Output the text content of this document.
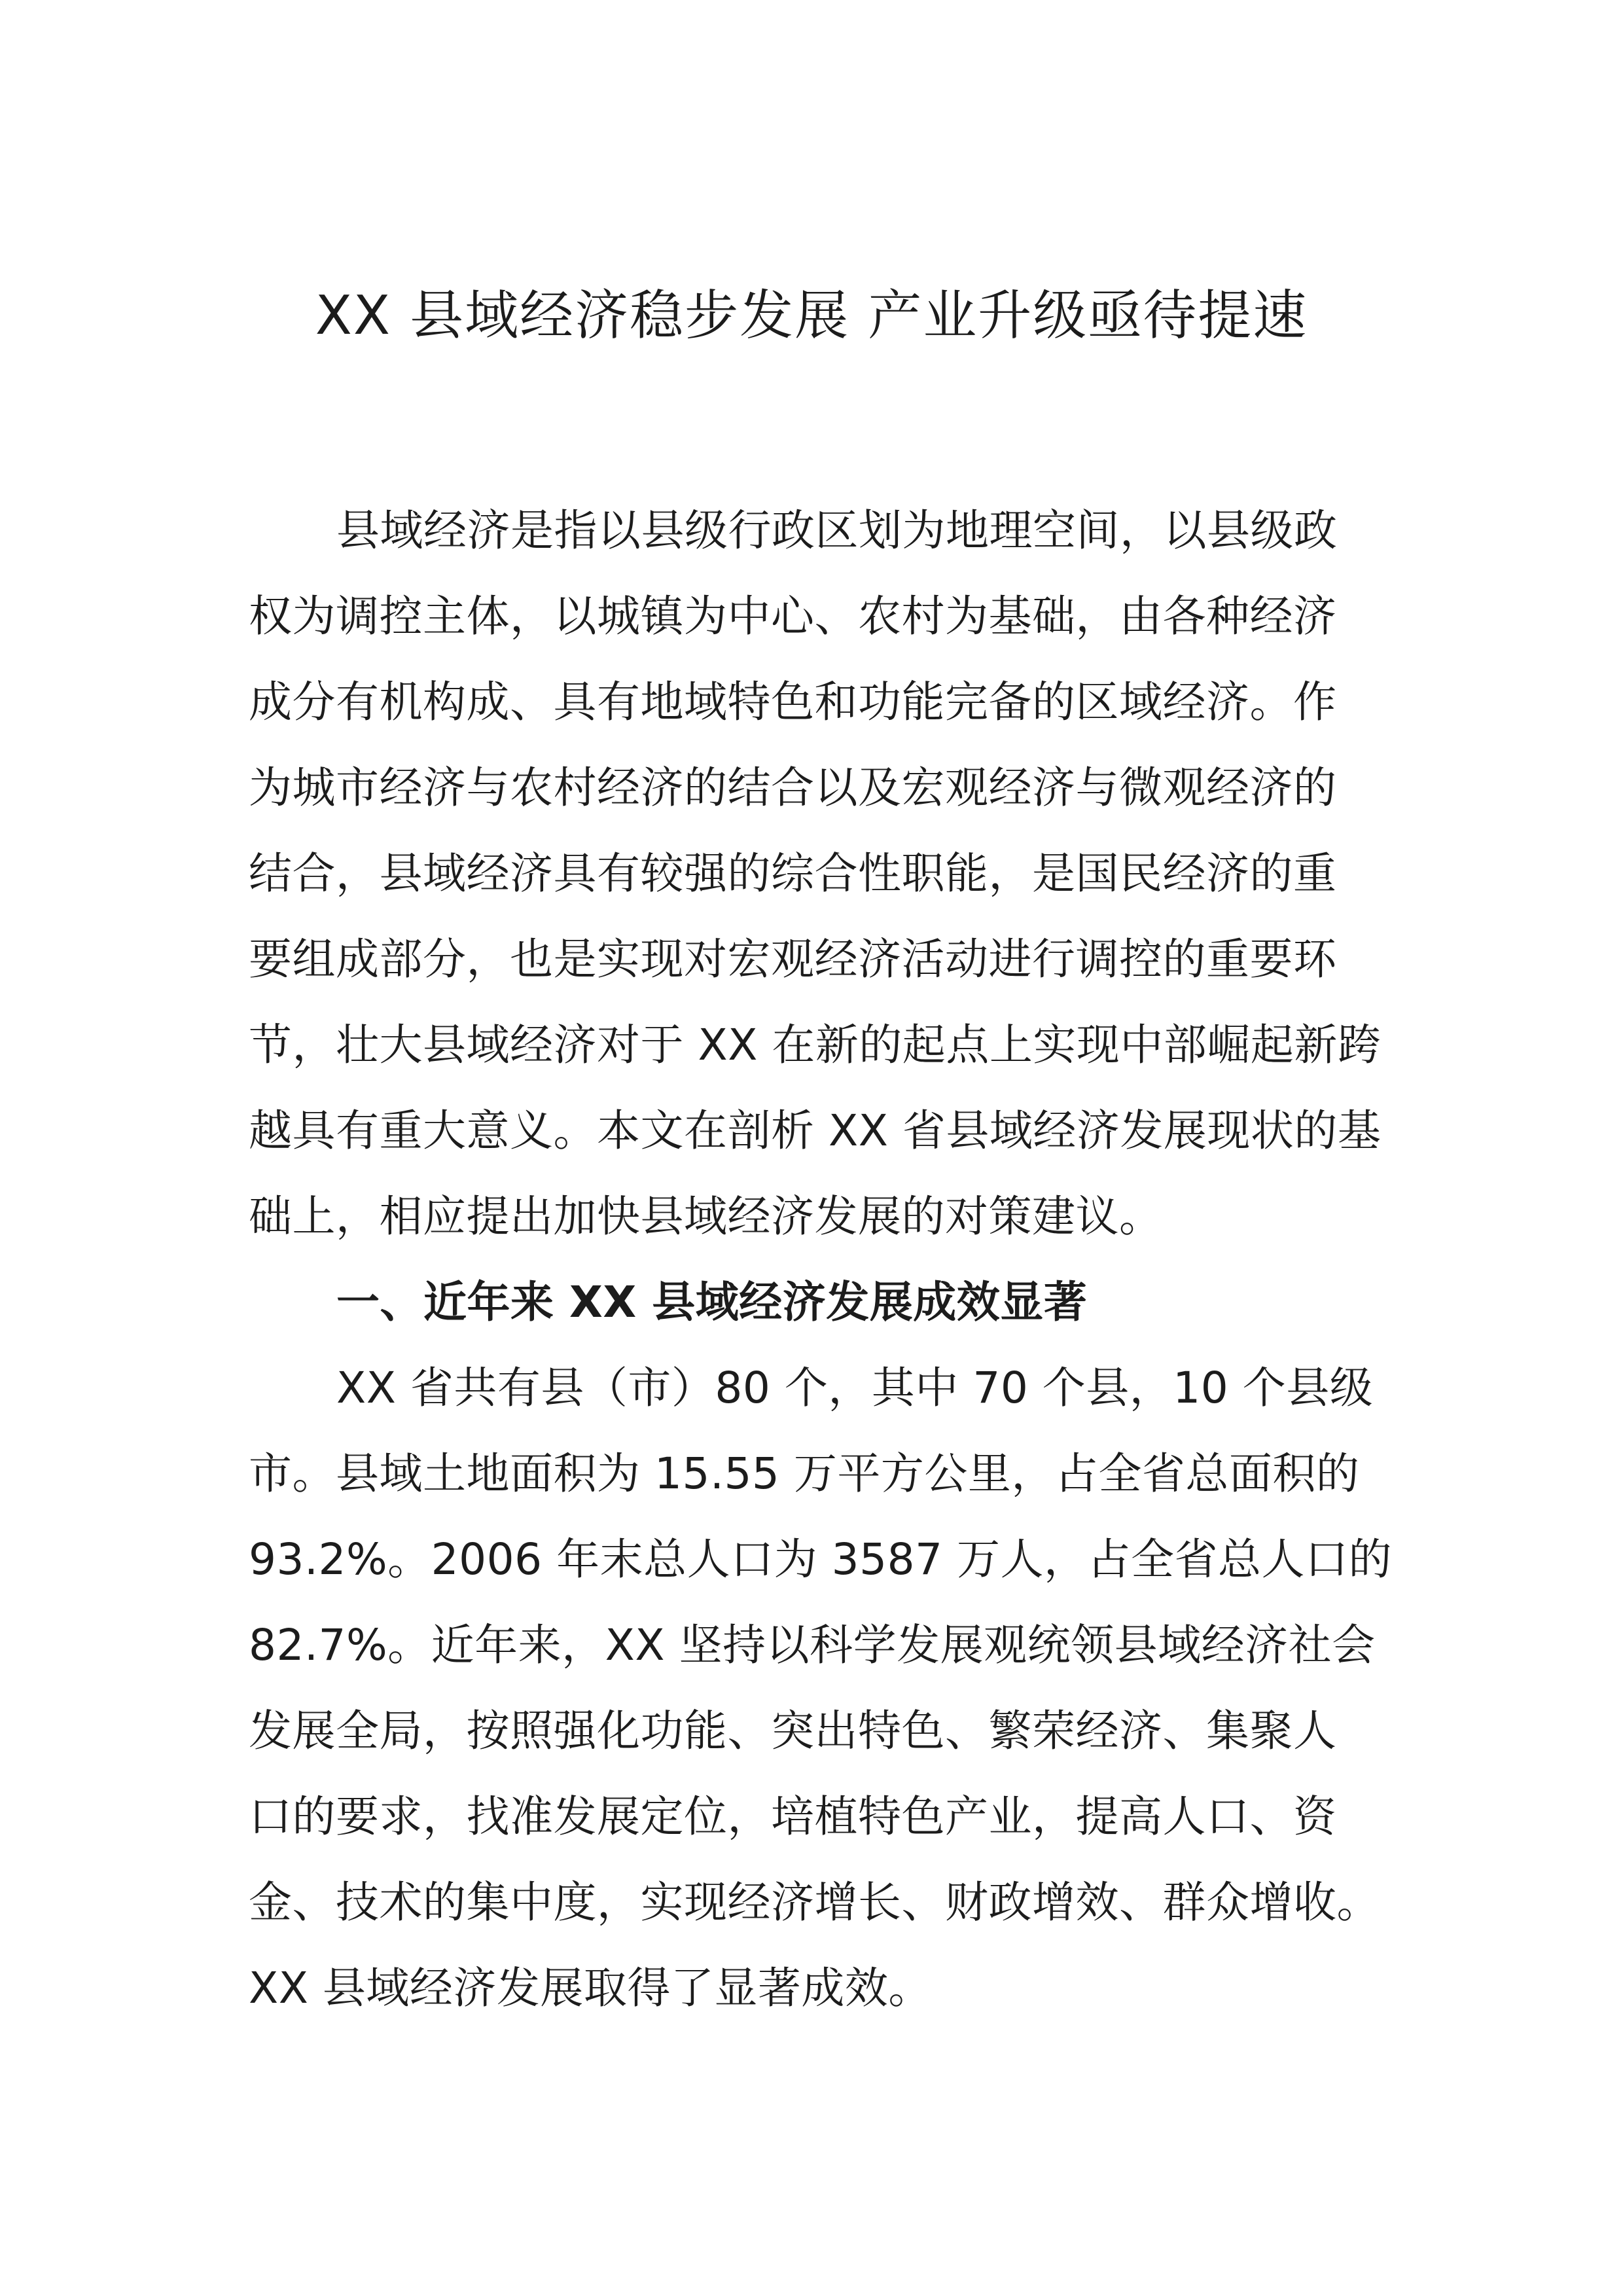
XX 县域经济稳步发展 产业升级亟待提速
县域经济是指以县级行政区划为地理空间，以县级政
权为调控主体，以城镇为中心、农村为基础，由各种经济
成分有机构成、具有地域特色和功能完备的区域经济。作
为城市经济与农村经济的结合以及宏观经济与微观经济的
结合，县域经济具有较强的综合性职能，是国民经济的重
要组成部分，也是实现对宏观经济活动进行调控的重要环
节，壮大县域经济对于 XX 在新的起点上实现中部崛起新跨
越具有重大意义。本文在剖析 XX 省县域经济发展现状的基
础上，相应提出加快县域经济发展的对策建议。
一、近年来 XX 县域经济发展成效显著
XX 省共有县（市）80 个，其中 70 个县，10 个县级
市。县域土地面积为 15.55 万平方公里，占全省总面积的
93.2%。2006 年末总人口为 3587 万人，占全省总人口的
82.7%。近年来，XX 坚持以科学发展观统领县域经济社会
发展全局，按照强化功能、突出特色、繁荣经济、集聚人
口的要求，找准发展定位，培植特色产业，提高人口、资
金、技术的集中度，实现经济增长、财政增效、群众增收。
XX 县域经济发展取得了显著成效。
